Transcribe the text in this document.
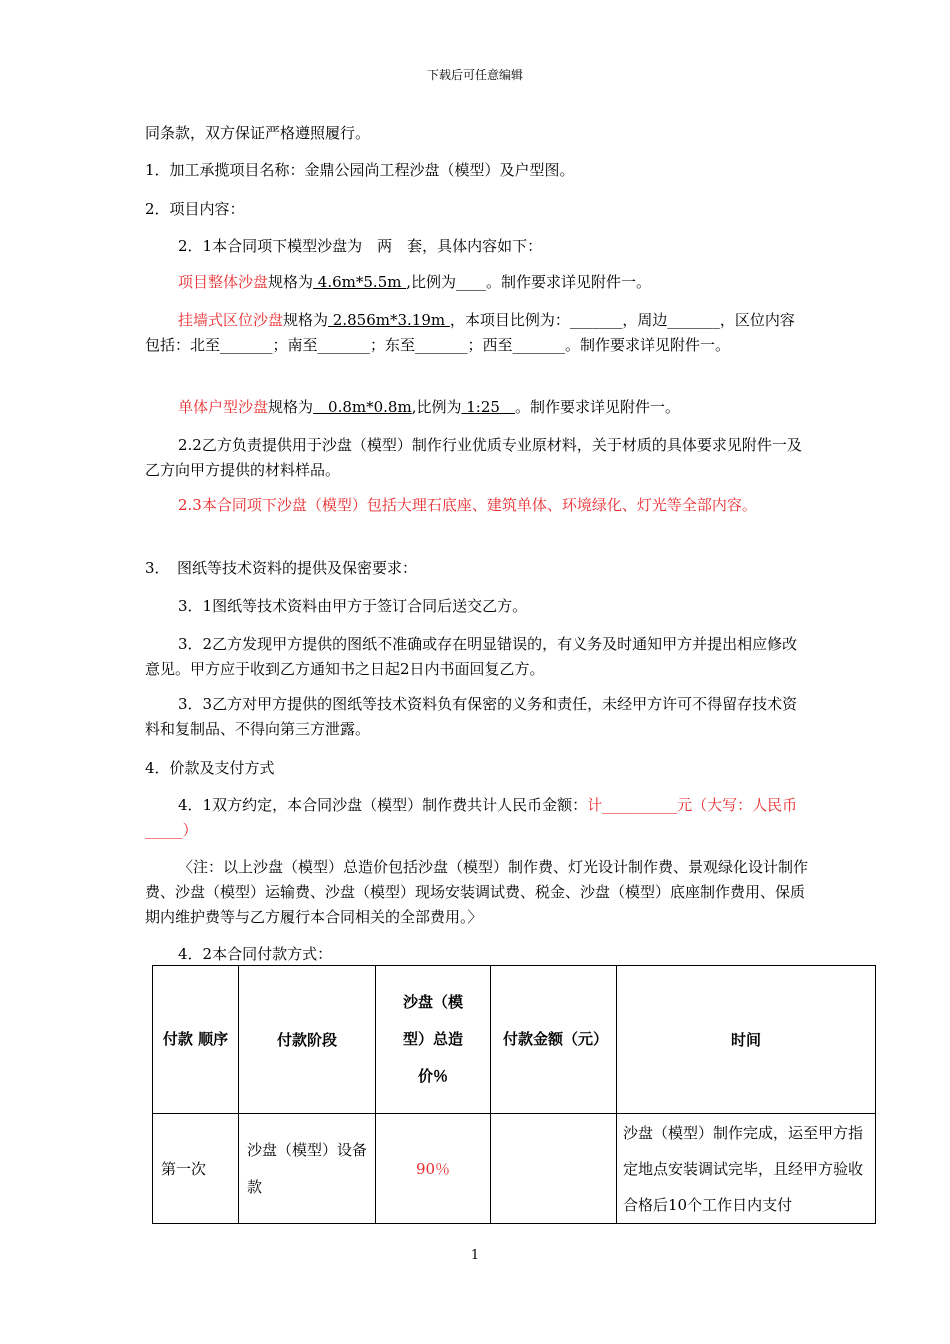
下载后可任意编辑

同条款，双方保证严格遵照履行。

1．加工承揽项目名称：金鼎公园尚工程沙盘（模型）及户型图。

2．项目内容：

2．1本合同项下模型沙盘为　两　套，具体内容如下：

项目整体沙盘规格为 4.6m*5.5m ,比例为____。制作要求详见附件一。

挂墙式区位沙盘规格为 2.856m*3.19m ，本项目比例为：_______，周边_______，区位内容包括：北至_______；南至_______；东至_______；西至_______。制作要求详见附件一。

单体户型沙盘规格为　0.8m*0.8m,比例为 1:25　。制作要求详见附件一。

2.2乙方负责提供用于沙盘（模型）制作行业优质专业原材料，关于材质的具体要求见附件一及乙方向甲方提供的材料样品。

2.3本合同项下沙盘（模型）包括大理石底座、建筑单体、环境绿化、灯光等全部内容。

3．　图纸等技术资料的提供及保密要求：

3．1图纸等技术资料由甲方于签订合同后送交乙方。

3．2乙方发现甲方提供的图纸不准确或存在明显错误的，有义务及时通知甲方并提出相应修改意见。甲方应于收到乙方通知书之日起2日内书面回复乙方。

3．3乙方对甲方提供的图纸等技术资料负有保密的义务和责任，未经甲方许可不得留存技术资料和复制品、不得向第三方泄露。

4．价款及支付方式

4．1双方约定，本合同沙盘（模型）制作费共计人民币金额：计__________元（大写：人民币_____）

〈注：以上沙盘（模型）总造价包括沙盘（模型）制作费、灯光设计制作费、景观绿化设计制作费、沙盘（模型）运输费、沙盘（模型）现场安装调试费、税金、沙盘（模型）底座制作费用、保质期内维护费等与乙方履行本合同相关的全部费用。〉

4．2本合同付款方式：

付款 顺序	付款阶段	沙盘（模型）总造价％	付款金额（元）	时间
第一次	沙盘（模型）设备款	90％		沙盘（模型）制作完成，运至甲方指定地点安装调试完毕，且经甲方验收合格后10个工作日内支付
1
